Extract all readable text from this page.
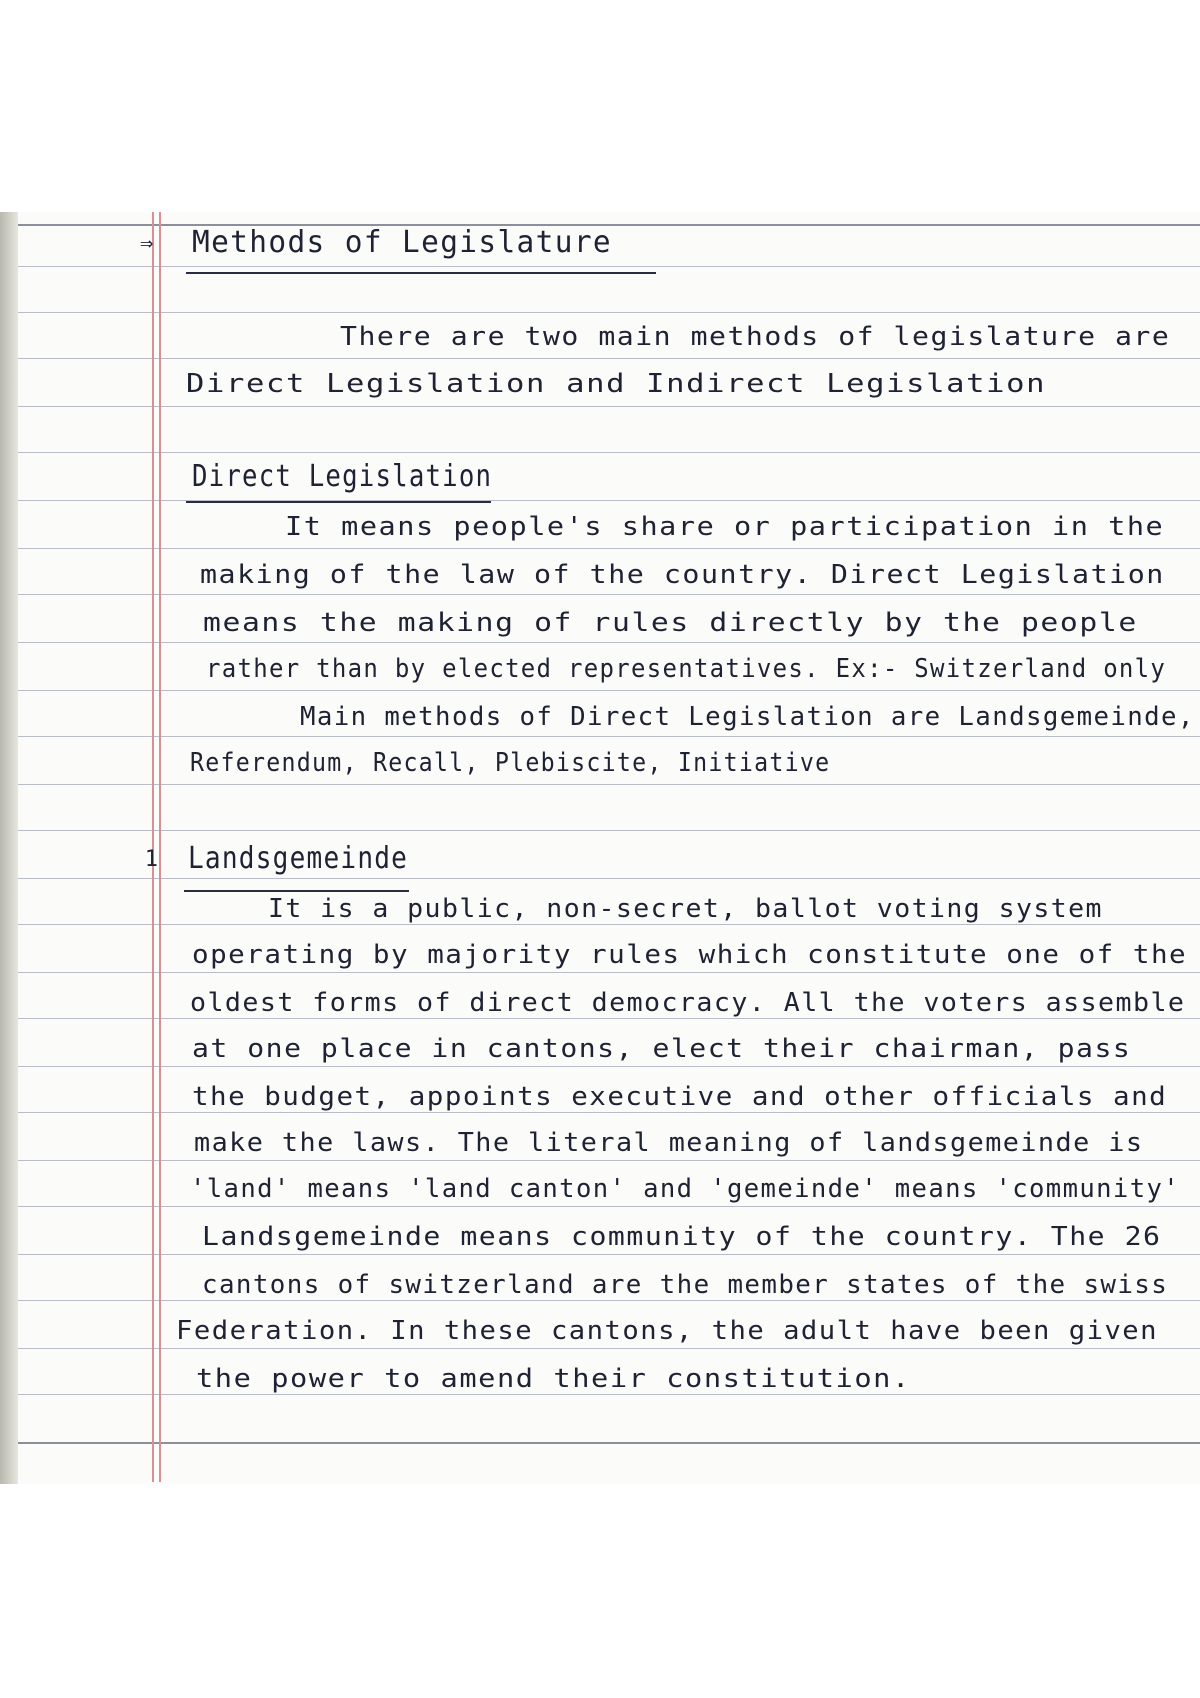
⇒ Methods of Legislature
There are two main methods of legislature are
Direct Legislation and Indirect Legislation
Direct Legislation
It means people's share or participation in the
making of the law of the country. Direct Legislation
means the making of rules directly by the people
rather than by elected representatives. Ex:- Switzerland only
Main methods of Direct Legislation are Landsgemeinde,
Referendum, Recall, Plebiscite, Initiative
1 Landsgemeinde
It is a public, non-secret, ballot voting system
operating by majority rules which constitute one of the
oldest forms of direct democracy. All the voters assemble
at one place in cantons, elect their chairman, pass
the budget, appoints executive and other officials and
make the laws. The literal meaning of landsgemeinde is
'land' means 'land canton' and 'gemeinde' means 'community'
Landsgemeinde means community of the country. The 26
cantons of switzerland are the member states of the swiss
Federation. In these cantons, the adult have been given
the power to amend their constitution.
